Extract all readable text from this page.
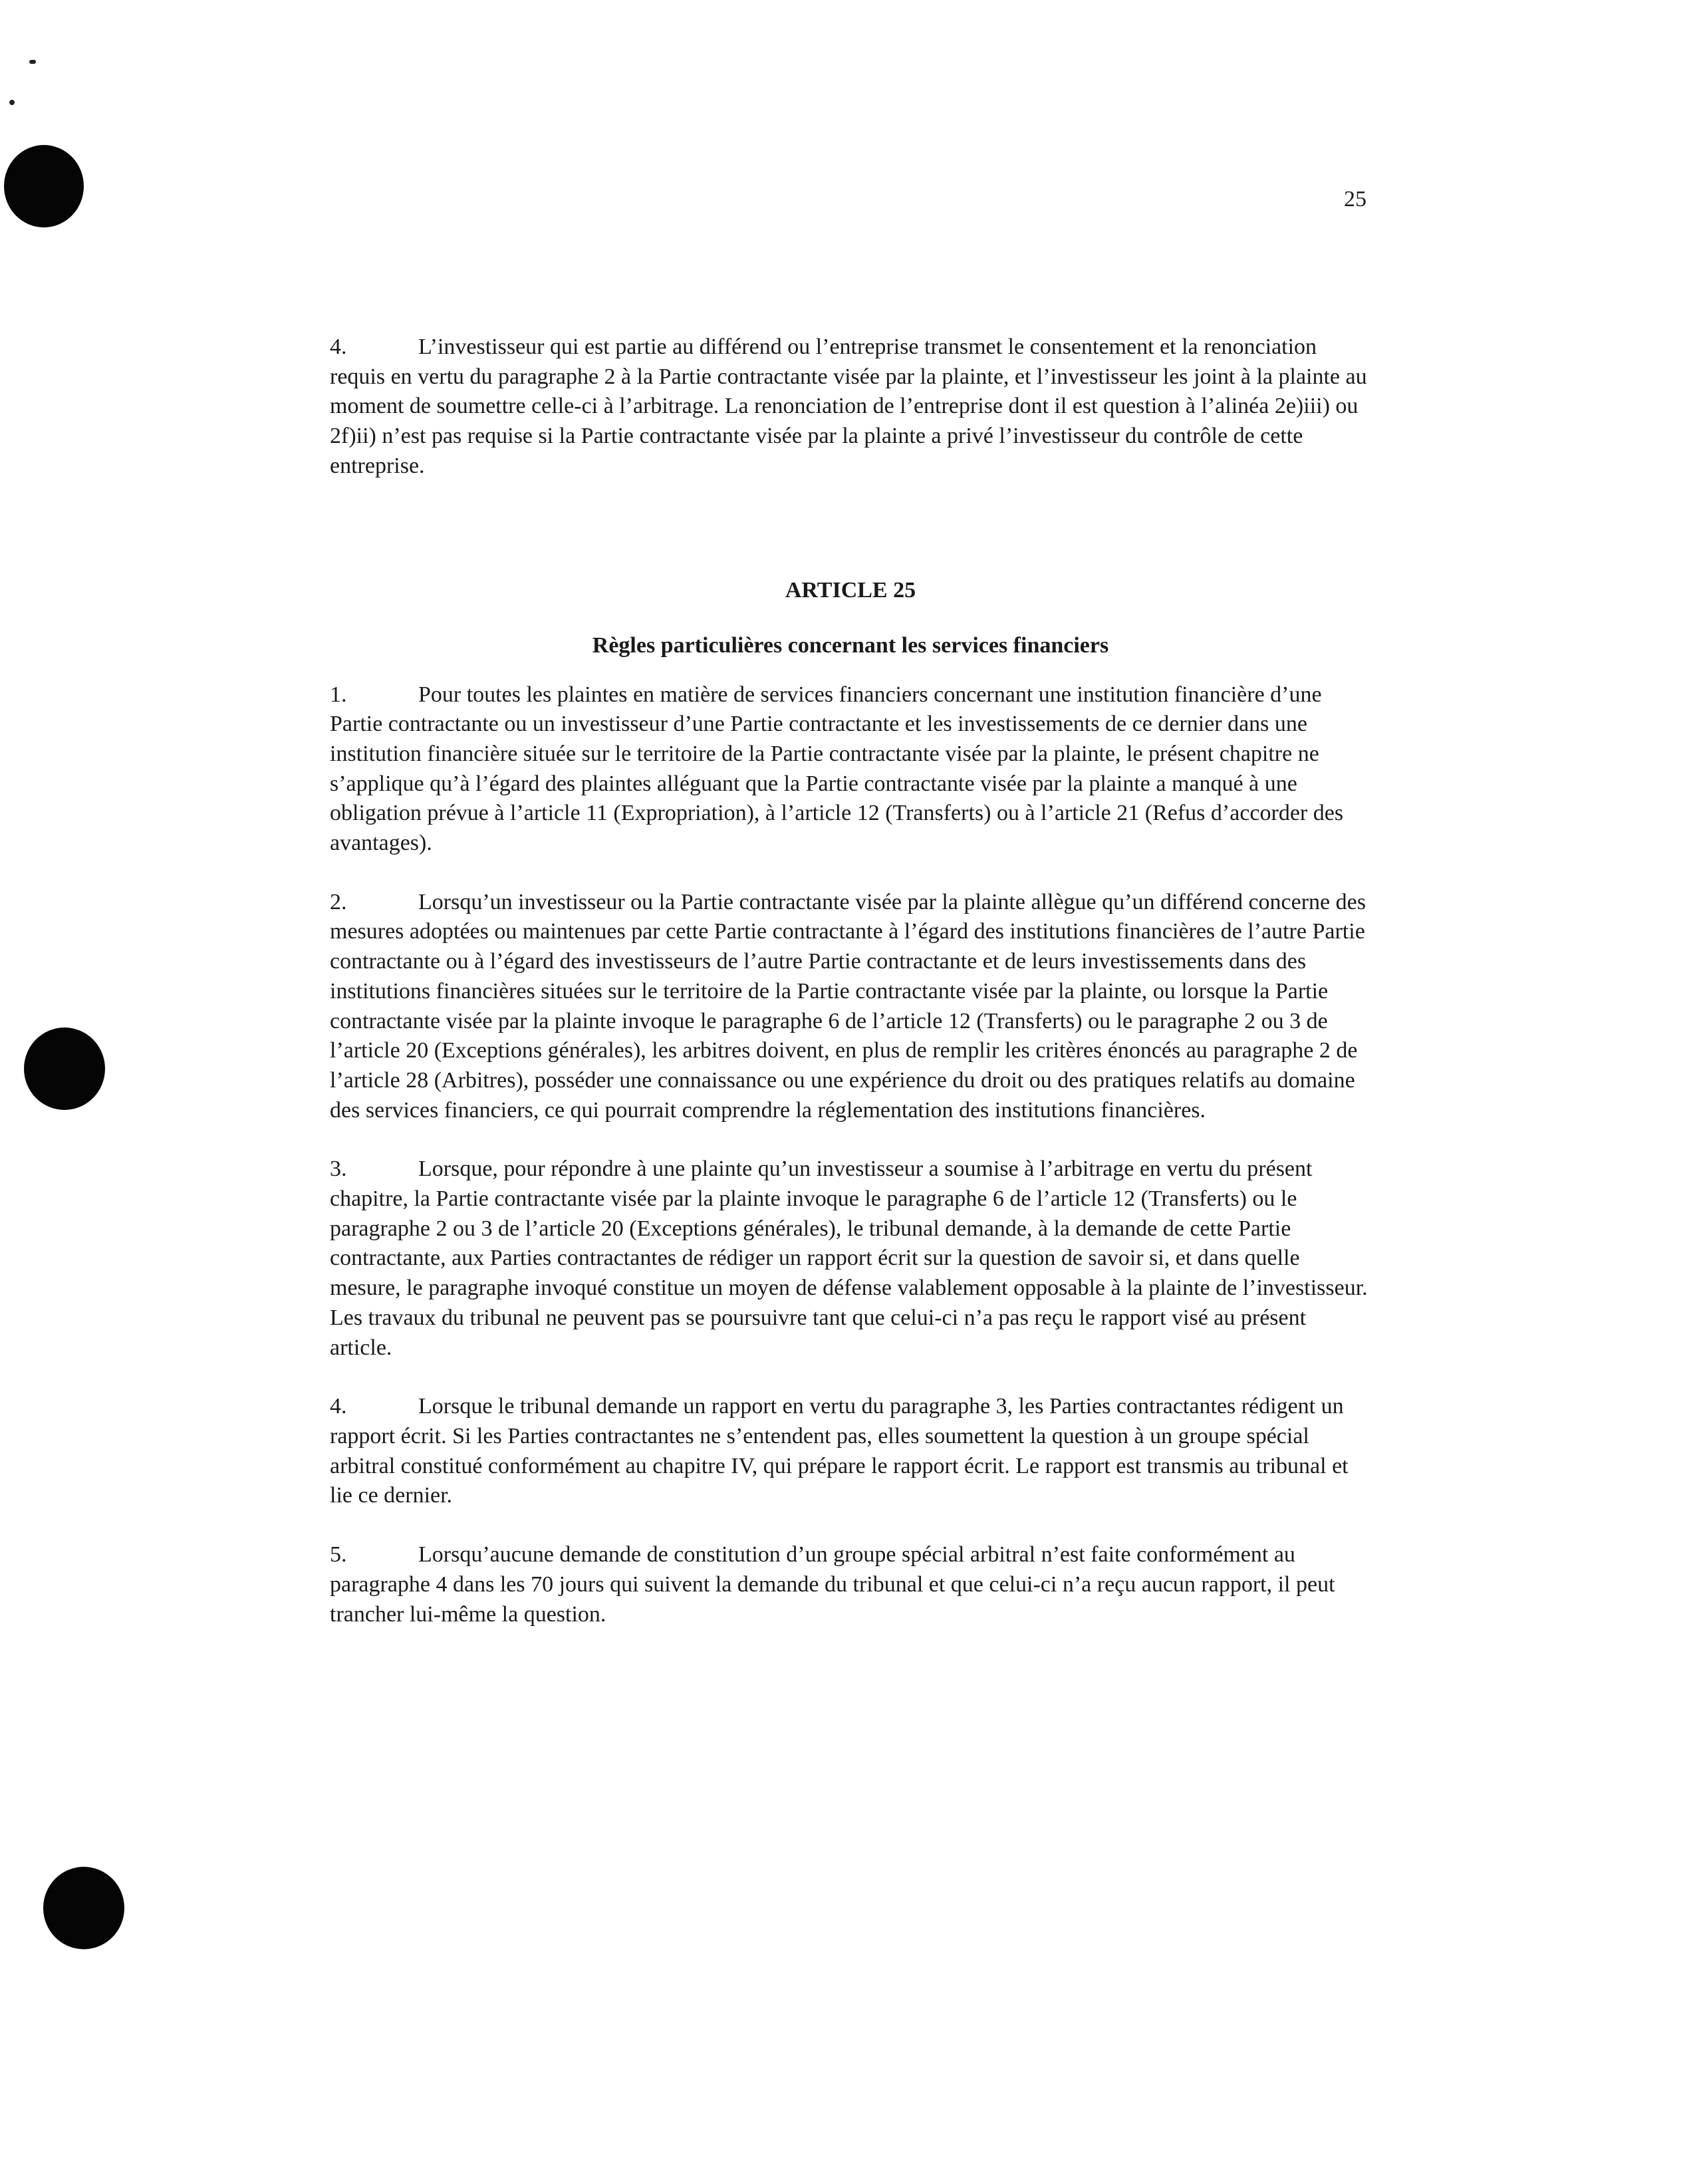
25

4.	L’investisseur qui est partie au différend ou l’entreprise transmet le consentement et la renonciation requis en vertu du paragraphe 2 à la Partie contractante visée par la plainte, et l’investisseur les joint à la plainte au moment de soumettre celle-ci à l’arbitrage. La renonciation de l’entreprise dont il est question à l’alinéa 2e)iii) ou 2f)ii) n’est pas requise si la Partie contractante visée par la plainte a privé l’investisseur du contrôle de cette entreprise.

ARTICLE 25

Règles particulières concernant les services financiers

1.	Pour toutes les plaintes en matière de services financiers concernant une institution financière d’une Partie contractante ou un investisseur d’une Partie contractante et les investissements de ce dernier dans une institution financière située sur le territoire de la Partie contractante visée par la plainte, le présent chapitre ne s’applique qu’à l’égard des plaintes alléguant que la Partie contractante visée par la plainte a manqué à une obligation prévue à l’article 11 (Expropriation), à l’article 12 (Transferts) ou à l’article 21 (Refus d’accorder des avantages).

2.	Lorsqu’un investisseur ou la Partie contractante visée par la plainte allègue qu’un différend concerne des mesures adoptées ou maintenues par cette Partie contractante à l’égard des institutions financières de l’autre Partie contractante ou à l’égard des investisseurs de l’autre Partie contractante et de leurs investissements dans des institutions financières situées sur le territoire de la Partie contractante visée par la plainte, ou lorsque la Partie contractante visée par la plainte invoque le paragraphe 6 de l’article 12 (Transferts) ou le paragraphe 2 ou 3 de l’article 20 (Exceptions générales), les arbitres doivent, en plus de remplir les critères énoncés au paragraphe 2 de l’article 28 (Arbitres), posséder une connaissance ou une expérience du droit ou des pratiques relatifs au domaine des services financiers, ce qui pourrait comprendre la réglementation des institutions financières.

3.	Lorsque, pour répondre à une plainte qu’un investisseur a soumise à l’arbitrage en vertu du présent chapitre, la Partie contractante visée par la plainte invoque le paragraphe 6 de l’article 12 (Transferts) ou le paragraphe 2 ou 3 de l’article 20 (Exceptions générales), le tribunal demande, à la demande de cette Partie contractante, aux Parties contractantes de rédiger un rapport écrit sur la question de savoir si, et dans quelle mesure, le paragraphe invoqué constitue un moyen de défense valablement opposable à la plainte de l’investisseur. Les travaux du tribunal ne peuvent pas se poursuivre tant que celui-ci n’a pas reçu le rapport visé au présent article.

4.	Lorsque le tribunal demande un rapport en vertu du paragraphe 3, les Parties contractantes rédigent un rapport écrit. Si les Parties contractantes ne s’entendent pas, elles soumettent la question à un groupe spécial arbitral constitué conformément au chapitre IV, qui prépare le rapport écrit. Le rapport est transmis au tribunal et lie ce dernier.

5.	Lorsqu’aucune demande de constitution d’un groupe spécial arbitral n’est faite conformément au paragraphe 4 dans les 70 jours qui suivent la demande du tribunal et que celui-ci n’a reçu aucun rapport, il peut trancher lui-même la question.
